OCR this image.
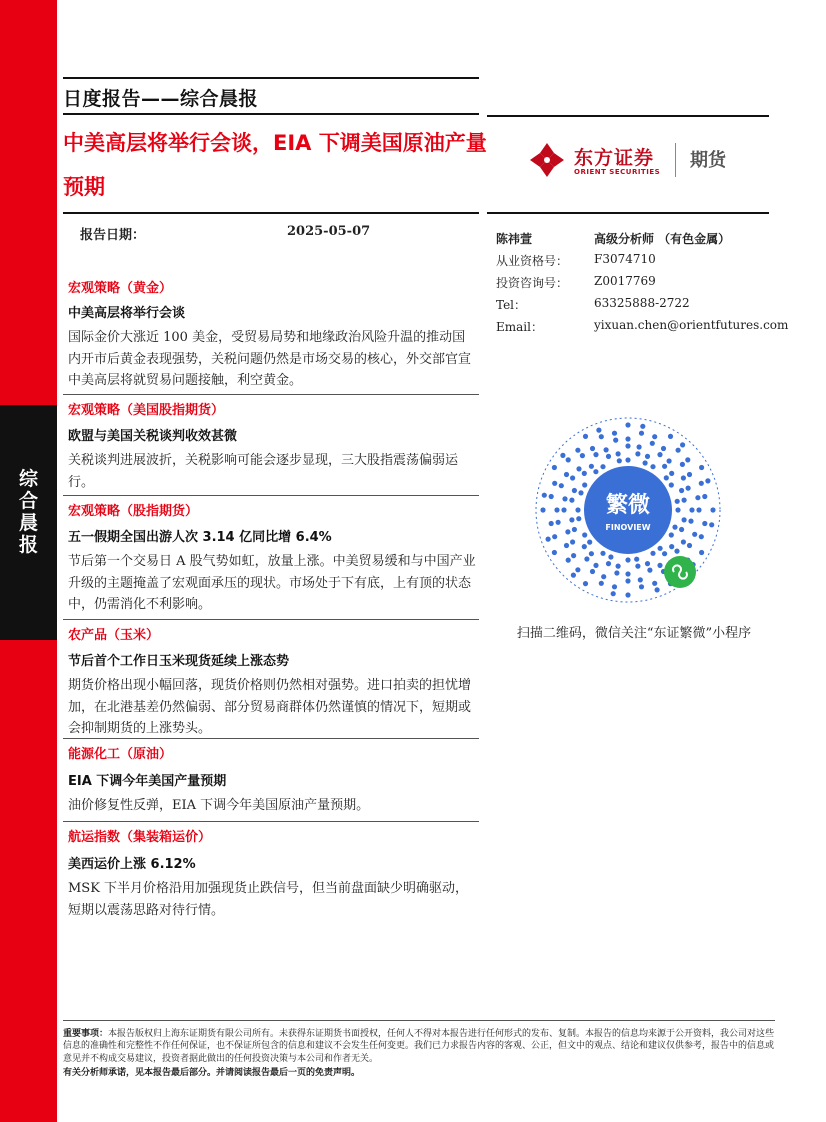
综
合
晨
报
日度报告——综合晨报
中美高层将举行会谈，EIA 下调美国原油产量
预期
东方证券
ORIENT SECURITIES
期货
报告日期：	2025-05-07
宏观策略（黄金）
中美高层将举行会谈
国际金价大涨近 100 美金，受贸易局势和地缘政治风险升温的推动国内开市后黄金表现强势，关税问题仍然是市场交易的核心，外交部官宣中美高层将就贸易问题接触，利空黄金。
宏观策略（美国股指期货）
欧盟与美国关税谈判收效甚微
关税谈判进展波折，关税影响可能会逐步显现，三大股指震荡偏弱运行。
宏观策略（股指期货）
五一假期全国出游人次 3.14 亿同比增 6.4%
节后第一个交易日 A 股气势如虹，放量上涨。中美贸易缓和与中国产业升级的主题掩盖了宏观面承压的现状。市场处于下有底，上有顶的状态中，仍需消化不利影响。
农产品（玉米）
节后首个工作日玉米现货延续上涨态势
期货价格出现小幅回落，现货价格则仍然相对强势。进口拍卖的担忧增加，在北港基差仍然偏弱、部分贸易商群体仍然谨慎的情况下，短期或会抑制期货的上涨势头。
能源化工（原油）
EIA 下调今年美国产量预期
油价修复性反弹，EIA 下调今年美国原油产量预期。
航运指数（集装箱运价）
美西运价上涨 6.12%
MSK 下半月价格沿用加强现货止跌信号，但当前盘面缺少明确驱动，短期以震荡思路对待行情。
陈祎萱	高级分析师 （有色金属）
从业资格号： F3074710
投资咨询号： Z0017769
Tel：	63325888-2722
Email：	yixuan.chen@orientfutures.com
繁微
FINOVIEW
扫描二维码，微信关注“东证繁微”小程序
重要事项：本报告版权归上海东证期货有限公司所有。未获得东证期货书面授权，任何人不得对本报告进行任何形式的发布、复制。本报告的信息均来源于公开资料，我公司对这些信息的准确性和完整性不作任何保证，也不保证所包含的信息和建议不会发生任何变更。我们已力求报告内容的客观、公正，但文中的观点、结论和建议仅供参考，报告中的信息或意见并不构成交易建议，投资者据此做出的任何投资决策与本公司和作者无关。
有关分析师承诺，见本报告最后部分。并请阅读报告最后一页的免责声明。
